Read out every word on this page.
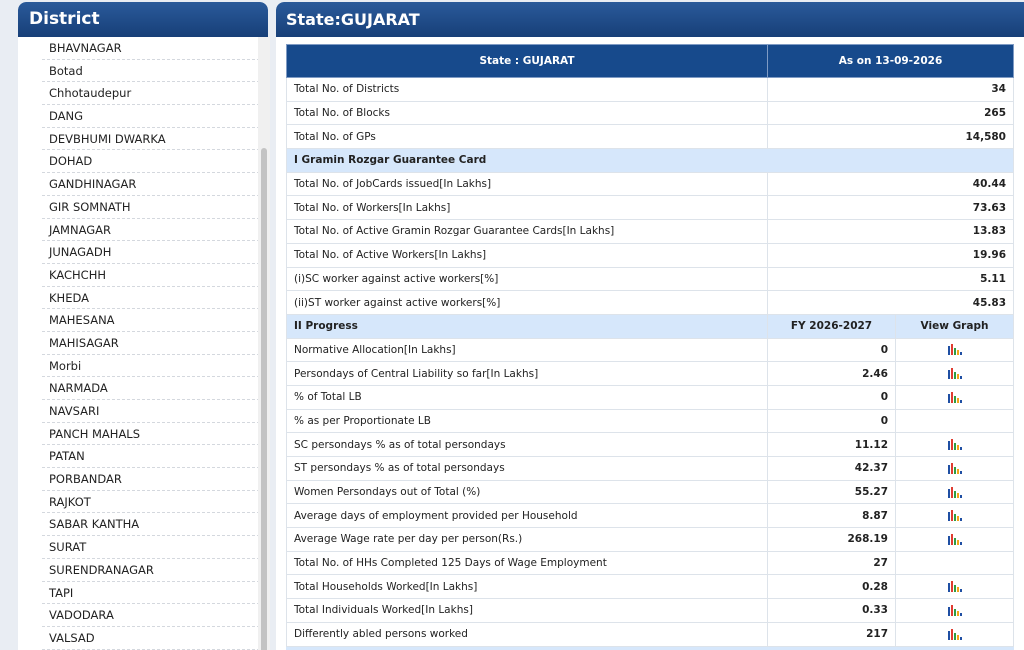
District
BHAVNAGAR
Botad
Chhotaudepur
DANG
DEVBHUMI DWARKA
DOHAD
GANDHINAGAR
GIR SOMNATH
JAMNAGAR
JUNAGADH
KACHCHH
KHEDA
MAHESANA
MAHISAGAR
Morbi
NARMADA
NAVSARI
PANCH MAHALS
PATAN
PORBANDAR
RAJKOT
SABAR KANTHA
SURAT
SURENDRANAGAR
TAPI
VADODARA
VALSAD
State:GUJARAT
State : GUJARAT	As on 13-09-2026	
Total No. of Districts	34	
Total No. of Blocks	265	
Total No. of GPs	14,580	
I Gramin Rozgar Guarantee Card		
Total No. of JobCards issued[In Lakhs]	40.44	
Total No. of Workers[In Lakhs]	73.63	
Total No. of Active Gramin Rozgar Guarantee Cards[In Lakhs]	13.83	
Total No. of Active Workers[In Lakhs]	19.96	
(i)SC worker against active workers[%]	5.11	
(ii)ST worker against active workers[%]	45.83	
II Progress	FY 2026-2027	View Graph
Normative Allocation[In Lakhs]	0	

Persondays of Central Liability so far[In Lakhs]	2.46	

% of Total LB	0	

% as per Proportionate LB	0	
SC persondays % as of total persondays	11.12	

ST persondays % as of total persondays	42.37	

Women Persondays out of Total (%)	55.27	

Average days of employment provided per Household	8.87	

Average Wage rate per day per person(Rs.)	268.19	

Total No. of HHs Completed 125 Days of Wage Employment	27	
Total Households Worked[In Lakhs]	0.28	

Total Individuals Worked[In Lakhs]	0.33	

Differently abled persons worked	217	
